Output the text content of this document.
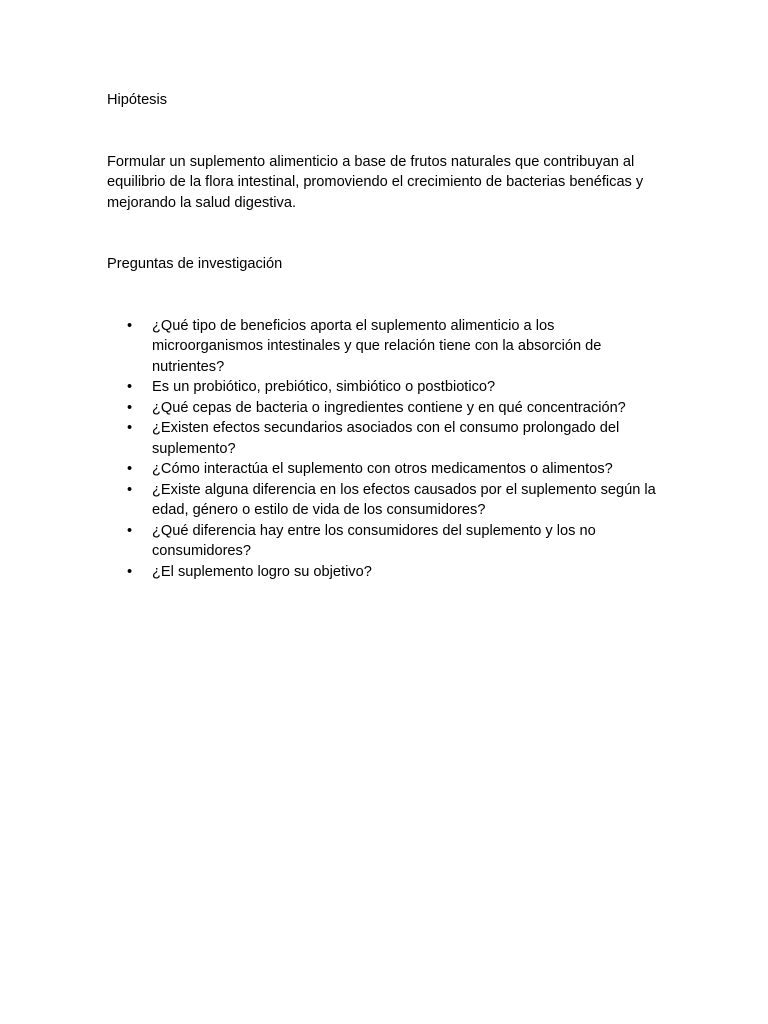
Hipótesis

Formular un suplemento alimenticio a base de frutos naturales que contribuyan al equilibrio de la flora intestinal, promoviendo el crecimiento de bacterias benéficas y mejorando la salud digestiva.

Preguntas de investigación
•	¿Qué tipo de beneficios aporta el suplemento alimenticio a los microorganismos intestinales y que relación tiene con la absorción de nutrientes?
•	Es un probiótico, prebiótico, simbiótico o postbiotico?
•	¿Qué cepas de bacteria o ingredientes contiene y en qué concentración?
•	¿Existen efectos secundarios asociados con el consumo prolongado del suplemento?
•	¿Cómo interactúa el suplemento con otros medicamentos o alimentos?
•	¿Existe alguna diferencia en los efectos causados por el suplemento según la edad, género o estilo de vida de los consumidores?
•	¿Qué diferencia hay entre los consumidores del suplemento y los no consumidores?
•	¿El suplemento logro su objetivo?
